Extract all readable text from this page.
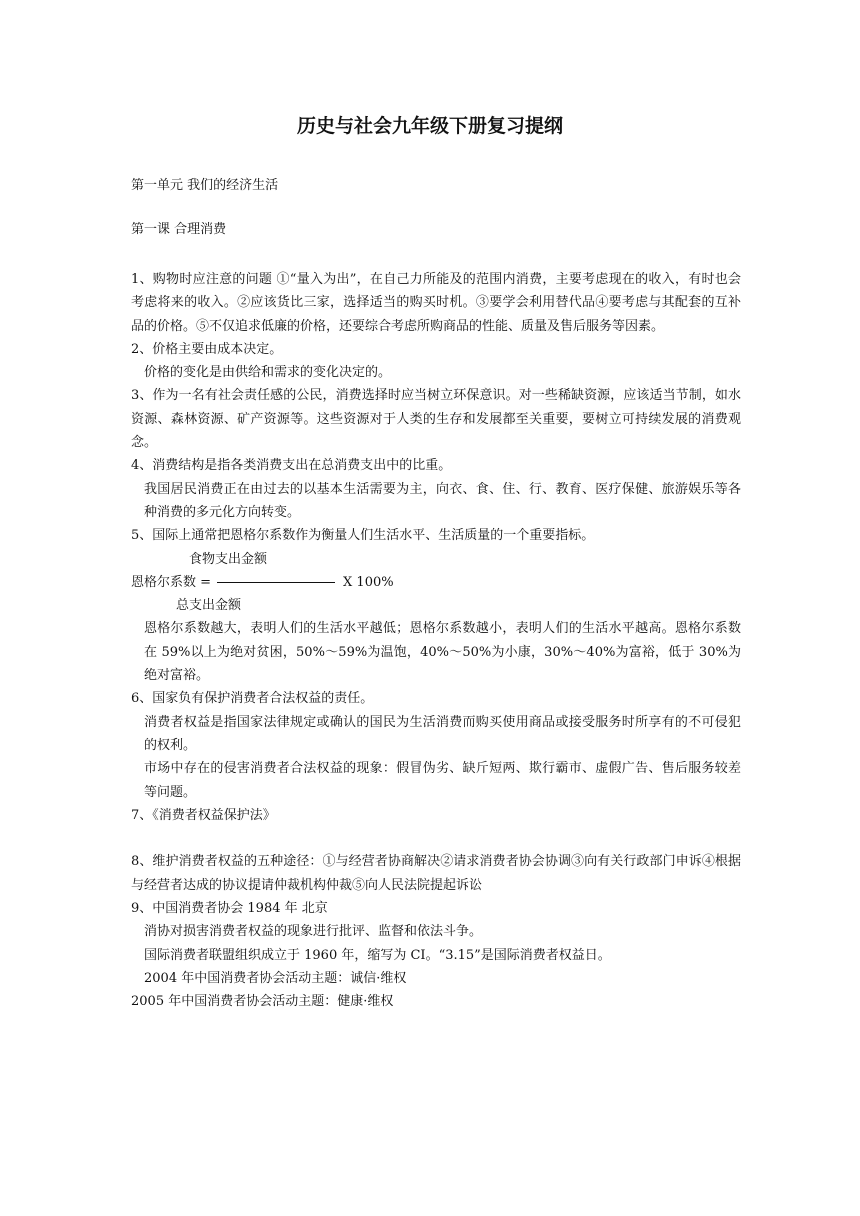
历史与社会九年级下册复习提纲

第一单元 我们的经济生活

第一课 合理消费

1、购物时应注意的问题 ①“量入为出”，在自己力所能及的范围内消费，主要考虑现在的收入，有时也会考虑将来的收入。②应该货比三家，选择适当的购买时机。③要学会利用替代品④要考虑与其配套的互补品的价格。⑤不仅追求低廉的价格，还要综合考虑所购商品的性能、质量及售后服务等因素。

2、价格主要由成本决定。

价格的变化是由供给和需求的变化决定的。

3、作为一名有社会责任感的公民，消费选择时应当树立环保意识。对一些稀缺资源，应该适当节制，如水资源、森林资源、矿产资源等。这些资源对于人类的生存和发展都至关重要，要树立可持续发展的消费观念。

4、消费结构是指各类消费支出在总消费支出中的比重。

我国居民消费正在由过去的以基本生活需要为主，向衣、食、住、行、教育、医疗保健、旅游娱乐等各种消费的多元化方向转变。

5、国际上通常把恩格尔系数作为衡量人们生活水平、生活质量的一个重要指标。

食物支出金额

恩格尔系数 =	X 100%

总支出金额

恩格尔系数越大，表明人们的生活水平越低；恩格尔系数越小，表明人们的生活水平越高。恩格尔系数在 59%以上为绝对贫困，50%～59%为温饱，40%～50%为小康，30%～40%为富裕，低于 30%为绝对富裕。

6、国家负有保护消费者合法权益的责任。

消费者权益是指国家法律规定或确认的国民为生活消费而购买使用商品或接受服务时所享有的不可侵犯的权利。

市场中存在的侵害消费者合法权益的现象：假冒伪劣、缺斤短两、欺行霸市、虚假广告、售后服务较差等问题。

7、《消费者权益保护法》

8、维护消费者权益的五种途径：①与经营者协商解决②请求消费者协会协调③向有关行政部门申诉④根据与经营者达成的协议提请仲裁机构仲裁⑤向人民法院提起诉讼

9、中国消费者协会 1984 年 北京

消协对损害消费者权益的现象进行批评、监督和依法斗争。

国际消费者联盟组织成立于 1960 年，缩写为 CI。“3.15”是国际消费者权益日。

2004 年中国消费者协会活动主题：诚信·维权

2005 年中国消费者协会活动主题：健康·维权
